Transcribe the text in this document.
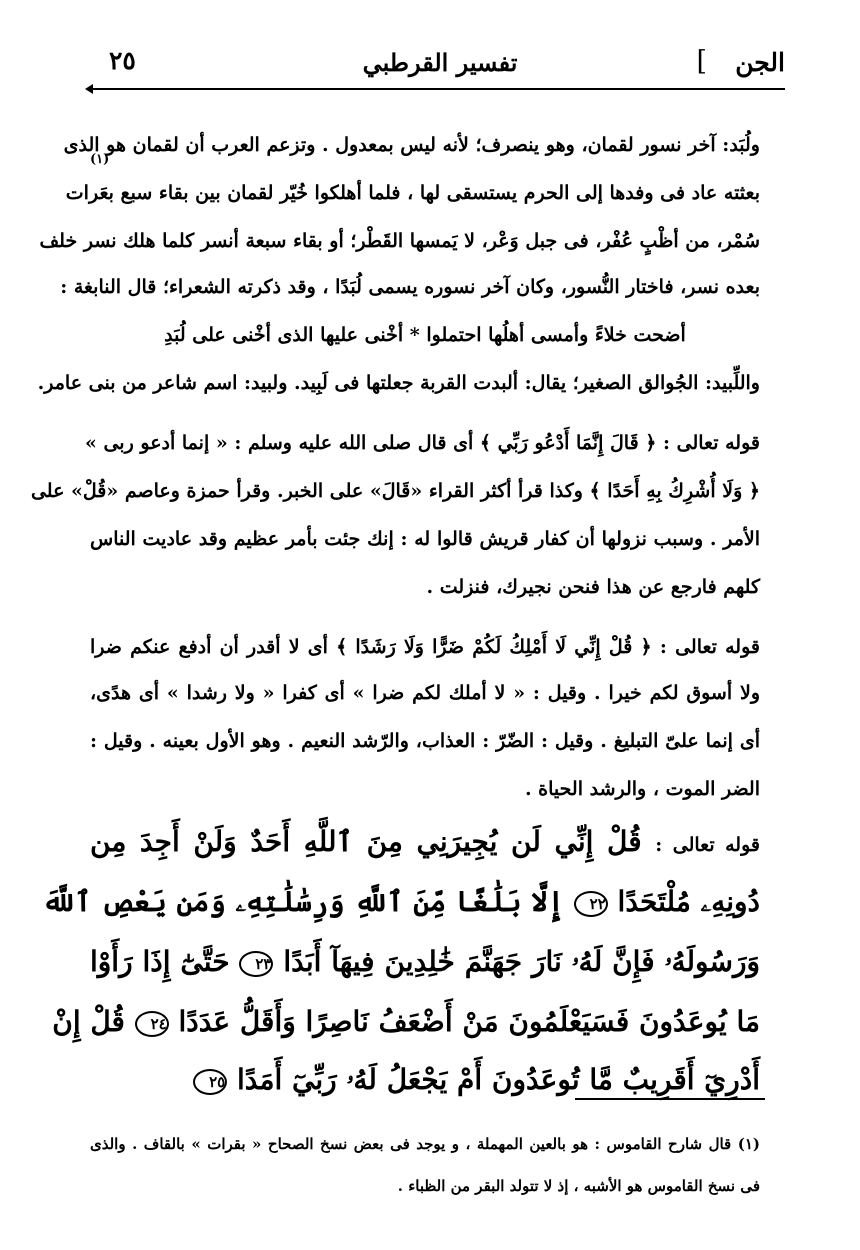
الجن
]
تفسير القرطبي
٢٥
ولُبَد: آخر نسور لقمان، وهو ينصرف؛ لأنه ليس بمعدول . وتزعم العرب أن لقمان هو الذى
(١)
بعثته عاد فى وفدها إلى الحرم يستسقى لها ، فلما أهلكوا خُيّر لقمان بين بقاء سبع بعَرات
سُمْر، من أظْبٍ عُفْر، فى جبل وَعْر، لا يَمسها القَطْر؛ أو بقاء سبعة أنسر كلما هلك نسر خلف
بعده نسر، فاختار النُّسور، وكان آخر نسوره يسمى لُبَدًا ، وقد ذكرته الشعراء؛ قال النابغة :
أضحت خلاءً وأمسى أهلُها احتملوا * أخْنى عليها الذى أخْنى على لُبَدِ
واللِّبيد: الجُوالق الصغير؛ يقال: ألبدت القربة جعلتها فى لَبِيد. ولبيد: اسم شاعر من بنى عامر.
قوله تعالى : ﴿ قَالَ إِنَّمَا أَدْعُو رَبِّي ﴾ أى قال صلى الله عليه وسلم : « إنما أدعو ربى »
﴿ وَلَا أُشْرِكُ بِهِ أَحَدًا ﴾ وكذا قرأ أكثر القراء «قَالَ» على الخبر. وقرأ حمزة وعاصم «قُلْ» على
الأمر . وسبب نزولها أن كفار قريش قالوا له : إنك جئت بأمر عظيم وقد عاديت الناس
كلهم فارجع عن هذا فنحن نجيرك، فنزلت .
قوله تعالى : ﴿ قُلْ إِنِّي لَا أَمْلِكُ لَكُمْ ضَرًّا وَلَا رَشَدًا ﴾ أى لا أقدر أن أدفع عنكم ضرا
ولا أسوق لكم خيرا . وقيل : « لا أملك لكم ضرا » أى كفرا « ولا رشدا » أى هدًى،
أى إنما علىّ التبليغ . وقيل : الضّرّ : العذاب، والرّشد النعيم . وهو الأول بعينه . وقيل :
الضر الموت ، والرشد الحياة .
قوله تعالى : قُلْ إِنِّي لَن يُجِيرَنِي مِنَ ٱللَّهِ أَحَدٌ وَلَنْ أَجِدَ مِن
دُونِهِۦ مُلْتَحَدًا ٢٢ إِلَّا بَلَٰغًا مِّنَ ٱللَّهِ وَرِسَٰلَٰتِهِۦ وَمَن يَعْصِ ٱللَّهَ
وَرَسُولَهُۥ فَإِنَّ لَهُۥ نَارَ جَهَنَّمَ خَٰلِدِينَ فِيهَآ أَبَدًا ٢٣ حَتَّىٰٓ إِذَا رَأَوْا
مَا يُوعَدُونَ فَسَيَعْلَمُونَ مَنْ أَضْعَفُ نَاصِرًا وَأَقَلُّ عَدَدًا ٢٤ قُلْ إِنْ
أَدْرِيٓ أَقَرِيبٌ مَّا تُوعَدُونَ أَمْ يَجْعَلُ لَهُۥ رَبِّيٓ أَمَدًا ٢٥
(١) قال شارح القاموس : هو بالعين المهملة ، و يوجد فى بعض نسخ الصحاح « بقرات » بالقاف . والذى
فى نسخ القاموس هو الأشبه ، إذ لا تتولد البقر من الظباء .
